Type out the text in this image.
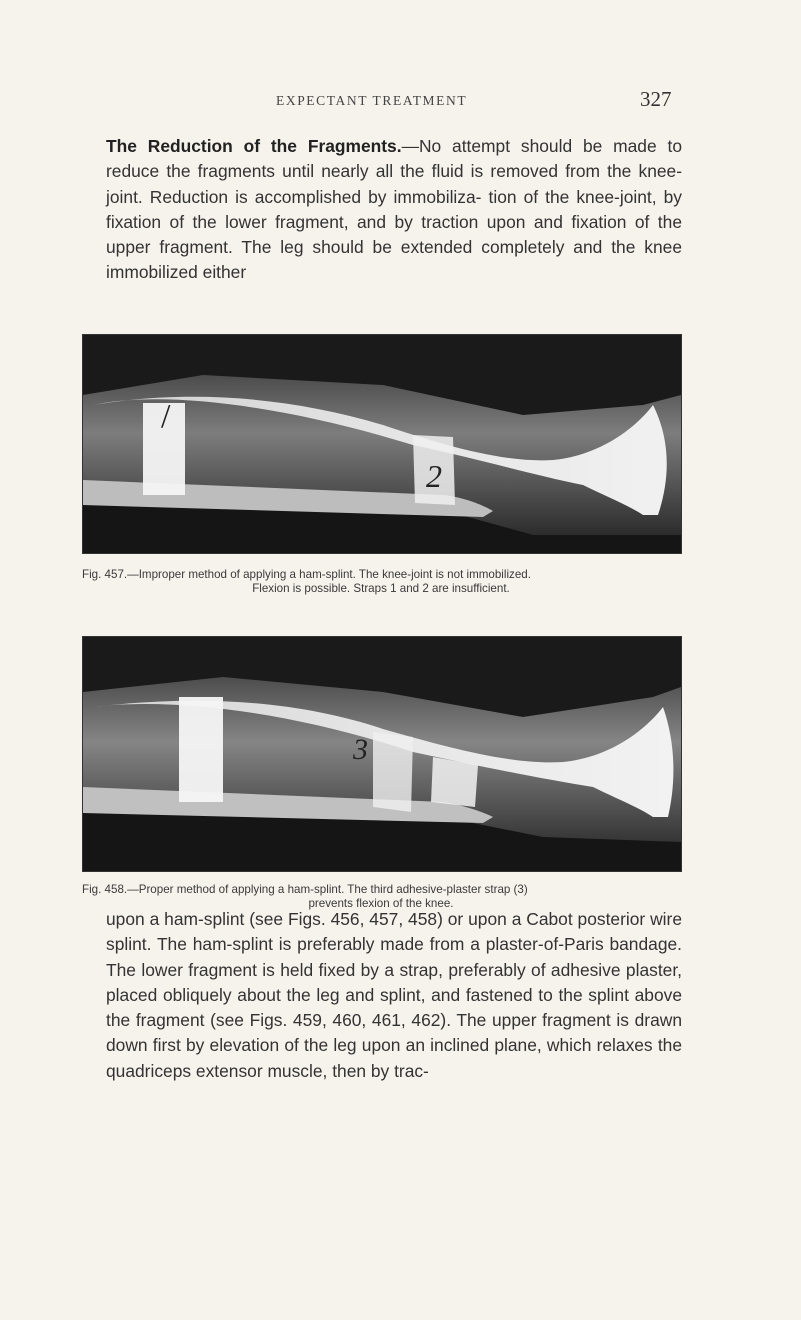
EXPECTANT TREATMENT	327

The Reduction of the Fragments.—No attempt should be made to reduce the fragments until nearly all the fluid is removed from the knee-joint. Reduction is accomplished by immobiliza- tion of the knee-joint, by fixation of the lower fragment, and by traction upon and fixation of the upper fragment. The leg should be extended completely and the knee immobilized either

/
2

Fig. 457.—Improper method of applying a ham-splint. The knee-joint is not immobilized.
Flexion is possible. Straps 1 and 2 are insufficient.

3

Fig. 458.—Proper method of applying a ham-splint. The third adhesive-plaster strap (3)
prevents flexion of the knee.

upon a ham-splint (see Figs. 456, 457, 458) or upon a Cabot posterior wire splint. The ham-splint is preferably made from a plaster-of-Paris bandage. The lower fragment is held fixed by a strap, preferably of adhesive plaster, placed obliquely about the leg and splint, and fastened to the splint above the fragment (see Figs. 459, 460, 461, 462). The upper fragment is drawn down first by elevation of the leg upon an inclined plane, which relaxes the quadriceps extensor muscle, then by trac-
